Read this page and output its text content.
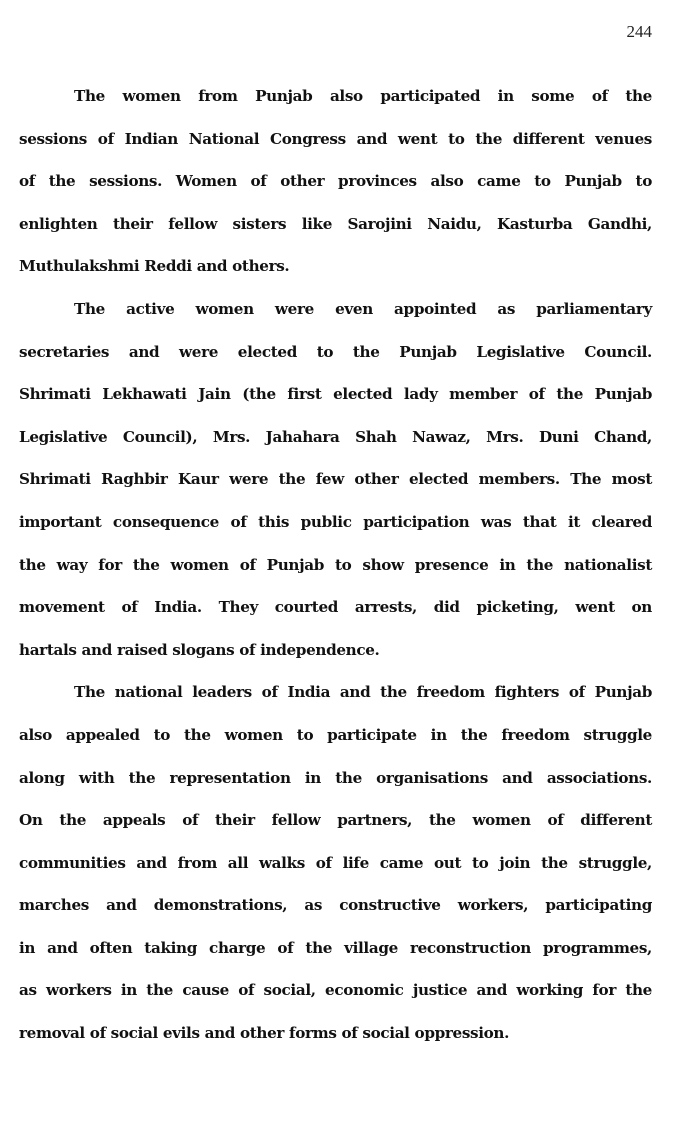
244
The women from Punjab also participated in some of the
sessions of Indian National Congress and went to the different venues
of the sessions. Women of other provinces also came to Punjab to
enlighten their fellow sisters like Sarojini Naidu, Kasturba Gandhi,
Muthulakshmi Reddi and others.
The active women were even appointed as parliamentary
secretaries and were elected to the Punjab Legislative Council.
Shrimati Lekhawati Jain (the first elected lady member of the Punjab
Legislative Council), Mrs. Jahahara Shah Nawaz, Mrs. Duni Chand,
Shrimati Raghbir Kaur were the few other elected members. The most
important consequence of this public participation was that it cleared
the way for the women of Punjab to show presence in the nationalist
movement of India. They courted arrests, did picketing, went on
hartals and raised slogans of independence.
The national leaders of India and the freedom fighters of Punjab
also appealed to the women to participate in the freedom struggle
along with the representation in the organisations and associations.
On the appeals of their fellow partners, the women of different
communities and from all walks of life came out to join the struggle,
marches and demonstrations, as constructive workers, participating
in and often taking charge of the village reconstruction programmes,
as workers in the cause of social, economic justice and working for the
removal of social evils and other forms of social oppression.
